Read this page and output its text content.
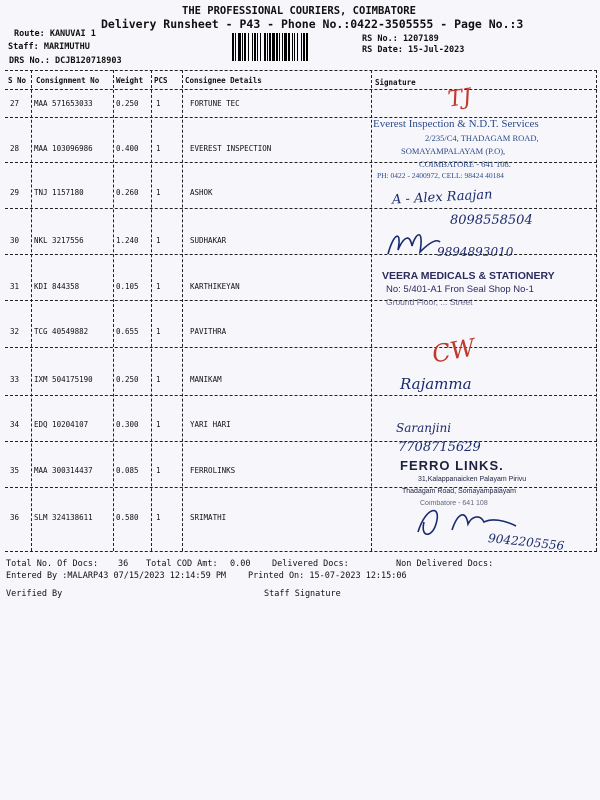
THE PROFESSIONAL COURIERS, COIMBATORE
Delivery Runsheet - P43 - Phone No.:0422-3505555 - Page No.:3
Route: KANUVAI 1
Staff: MARIMUTHU
DRS No.: DCJB120718903
RS No.: 1207189
RS Date: 15-Jul-2023
S No Consignment No Weight PCS Consignee Details	Signature
27 MAA 571653033	0.250 1	FORTUNE TEC
28 MAA 103096986	0.400 1	EVEREST INSPECTION
29 TNJ 1157180	0.260 1	ASHOK
30 NKL 3217556	1.240 1	SUDHAKAR
31 KDI 844358	0.105 1	KARTHIKEYAN
32 TCG 40549882	0.655 1	PAVITHRA
33 IXM 504175190	0.250 1	MANIKAM
34 EDQ 10204107	0.300 1	YARI HARI
35 MAA 300314437	0.085 1	FERROLINKS
36 SLM 324138611	0.580 1	SRIMATHI
TJ
Everest Inspection & N.D.T. Services
2/235/C4, THADAGAM ROAD,
SOMAYAMPALAYAM (P.O),
COIMBATORE - 641 108.
PH: 0422 - 2400972, CELL: 98424 40184
A - Alex Raajan
8098558504
9894893010
VEERA MEDICALS & STATIONERY
No: 5/401-A1 Fron Seal Shop No-1
Ground Floor, ... Street
CW
Rajamma
Saranjini
7708715629
FERRO LINKS.
31,Kalappanaicken Palayam Pirivu
Thadagam Road, Somayampalayam
Coimbatore - 641 108
9042205556
Total No. Of Docs: 36 Total COD Amt: 0.00	Delivered Docs:	Non Delivered Docs:
Entered By :MALARP43 07/15/2023 12:14:59 PM	Printed On: 15-07-2023 12:15:06
Verified By	Staff Signature
